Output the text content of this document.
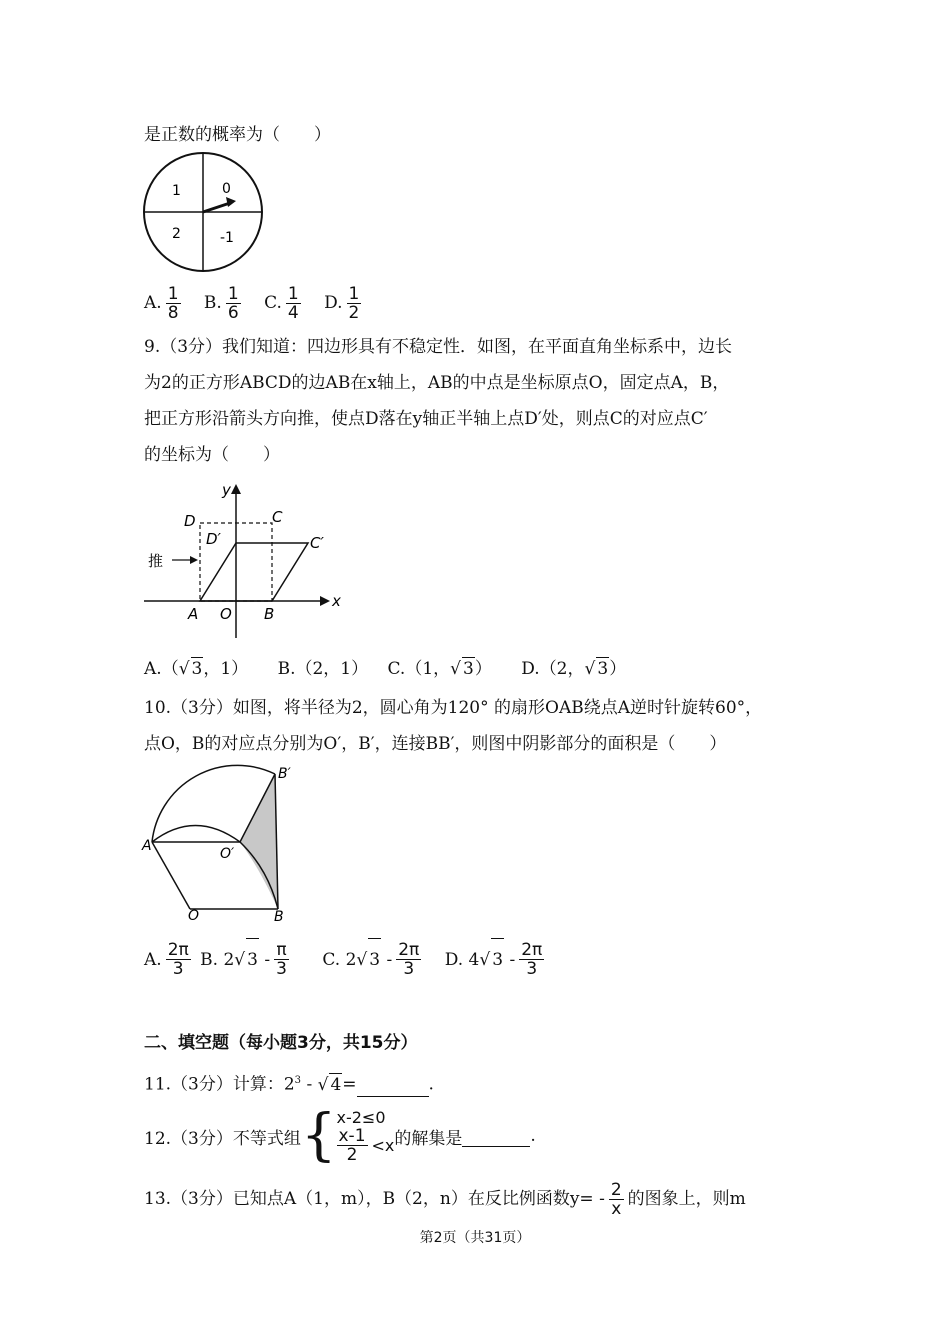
是正数的概率为（　　）
1	0
2	-1
A. $\frac{1}{8}$
B. $\frac{1}{6}$
C. $\frac{1}{4}$
D. $\frac{1}{2}$
9.（3分）我们知道：四边形具有不稳定性．如图，在平面直角坐标系中，边长
为2的正方形ABCD的边AB在x轴上，AB的中点是坐标原点O，固定点A，B，
把正方形沿箭头方向推，使点D落在y轴正半轴上点D′处，则点C的对应点C′
的坐标为（　　）
推
y
x
D	C
D′	C′
A O B
A. （ √ 3 ，1）
B.（2，1）
C. （1， √ 3 ）
D. （2， √ 3 ）
10.（3分）如图，将半径为2，圆心角为120° 的扇形OAB绕点A逆时针旋转60°，
点O，B的对应点分别为O′，B′，连接BB′，则图中阴影部分的面积是（　　）
B′
A	O′
O	B
A. $\frac{2\pi}{3}$
B.
2 √ 3
- $\frac{\pi}{3}$
C.
2 √ 3
- $\frac{2\pi}{3}$
D.
4 √ 3
- $\frac{2\pi}{3}$
二、填空题（每小题3分，共15分）
11.（3分）计算：$2^3$ - √ 4=	.
12.（3分）不等式组 { x-2≤0
$\frac{x-1}{2} <x$ 的解集是
	.
13.（3分）已知点A（1，m），B（2，n）在反比例函数$y= - \frac{2}{x}$ 的图象上，则m
第2页（共31页）
